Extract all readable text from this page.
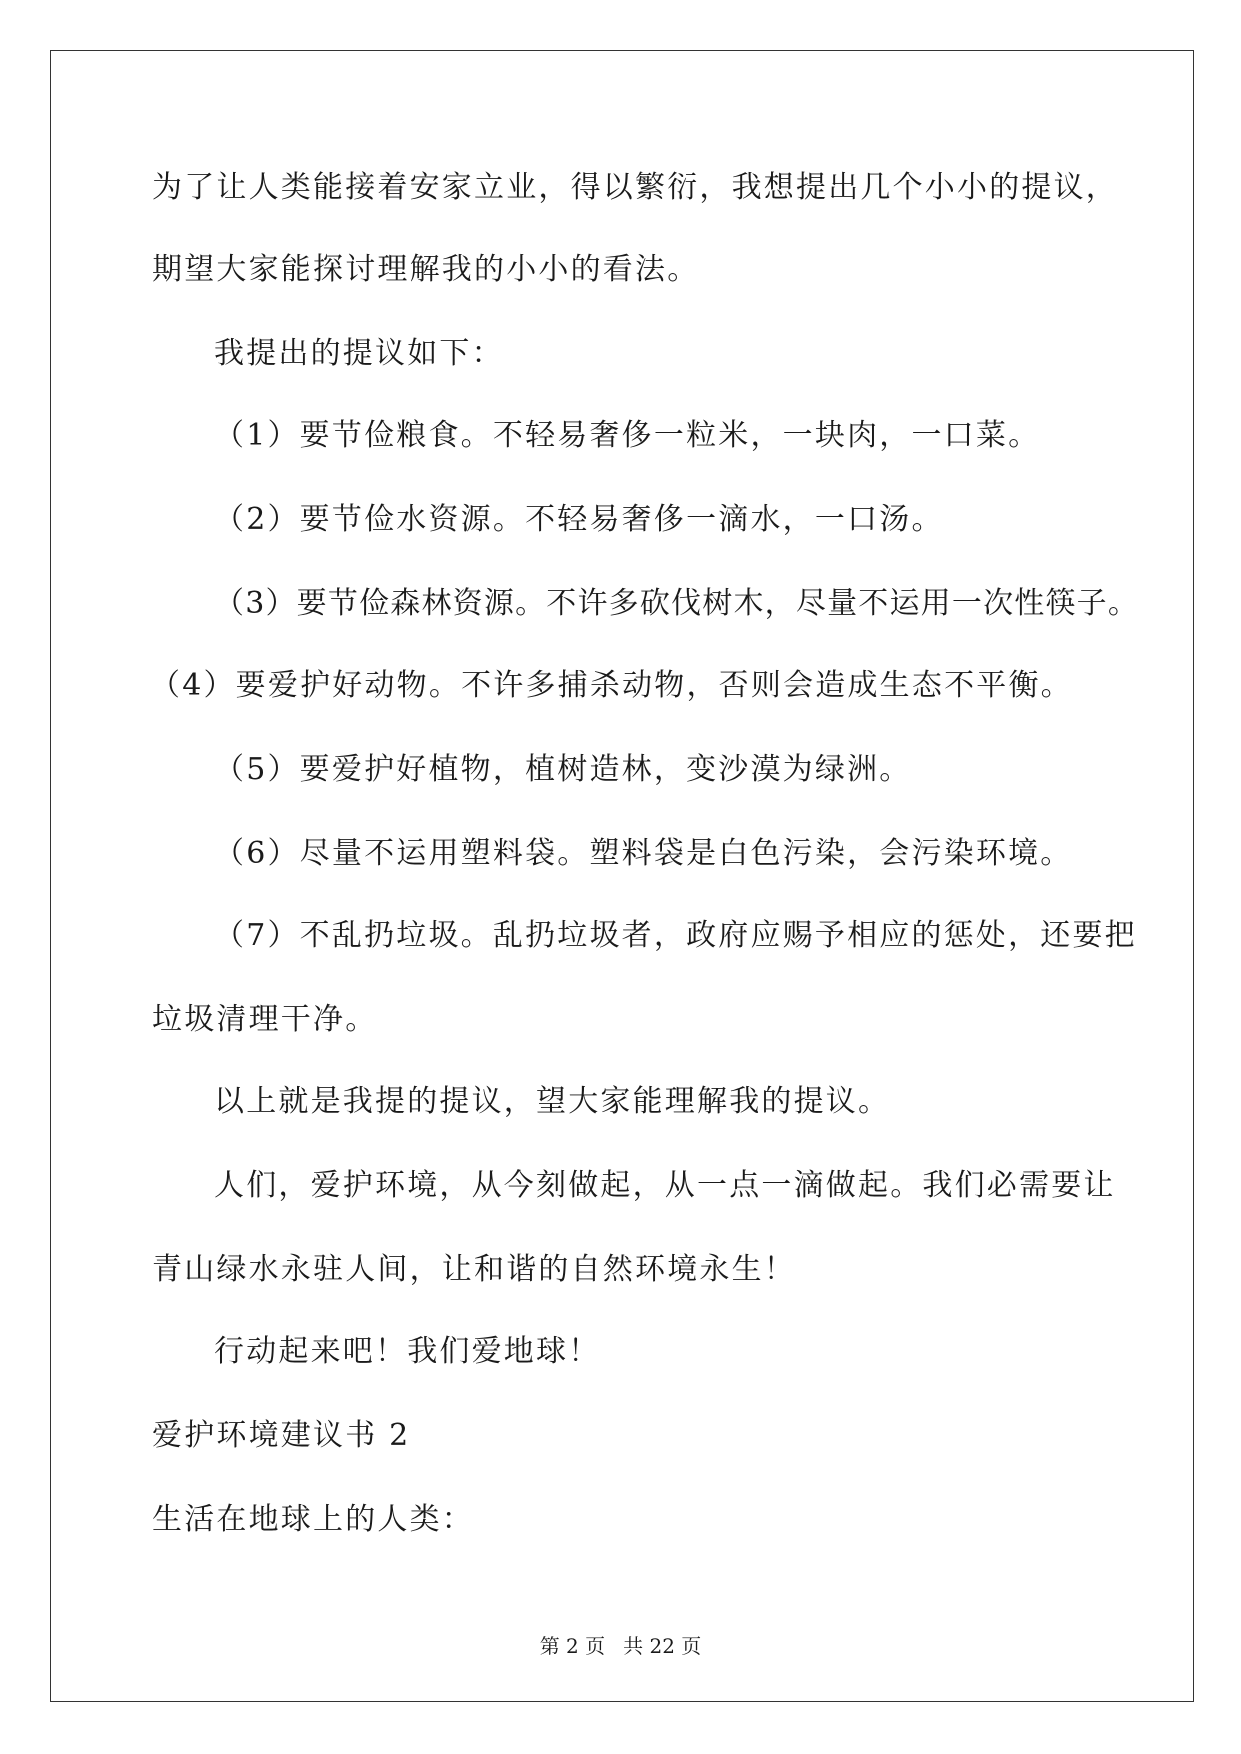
为了让人类能接着安家立业，得以繁衍，我想提出几个小小的提议，
期望大家能探讨理解我的小小的看法。
我提出的提议如下：
（1）要节俭粮食。不轻易奢侈一粒米，一块肉，一口菜。
（2）要节俭水资源。不轻易奢侈一滴水，一口汤。
（3）要节俭森林资源。不许多砍伐树木，尽量不运用一次性筷子。
（4）要爱护好动物。不许多捕杀动物，否则会造成生态不平衡。
（5）要爱护好植物，植树造林，变沙漠为绿洲。
（6）尽量不运用塑料袋。塑料袋是白色污染，会污染环境。
（7）不乱扔垃圾。乱扔垃圾者，政府应赐予相应的惩处，还要把
垃圾清理干净。
以上就是我提的提议，望大家能理解我的提议。
人们，爱护环境，从今刻做起，从一点一滴做起。我们必需要让
青山绿水永驻人间，让和谐的自然环境永生！
行动起来吧！我们爱地球！
爱护环境建议书 2
生活在地球上的人类：
第 2 页 共 22 页
